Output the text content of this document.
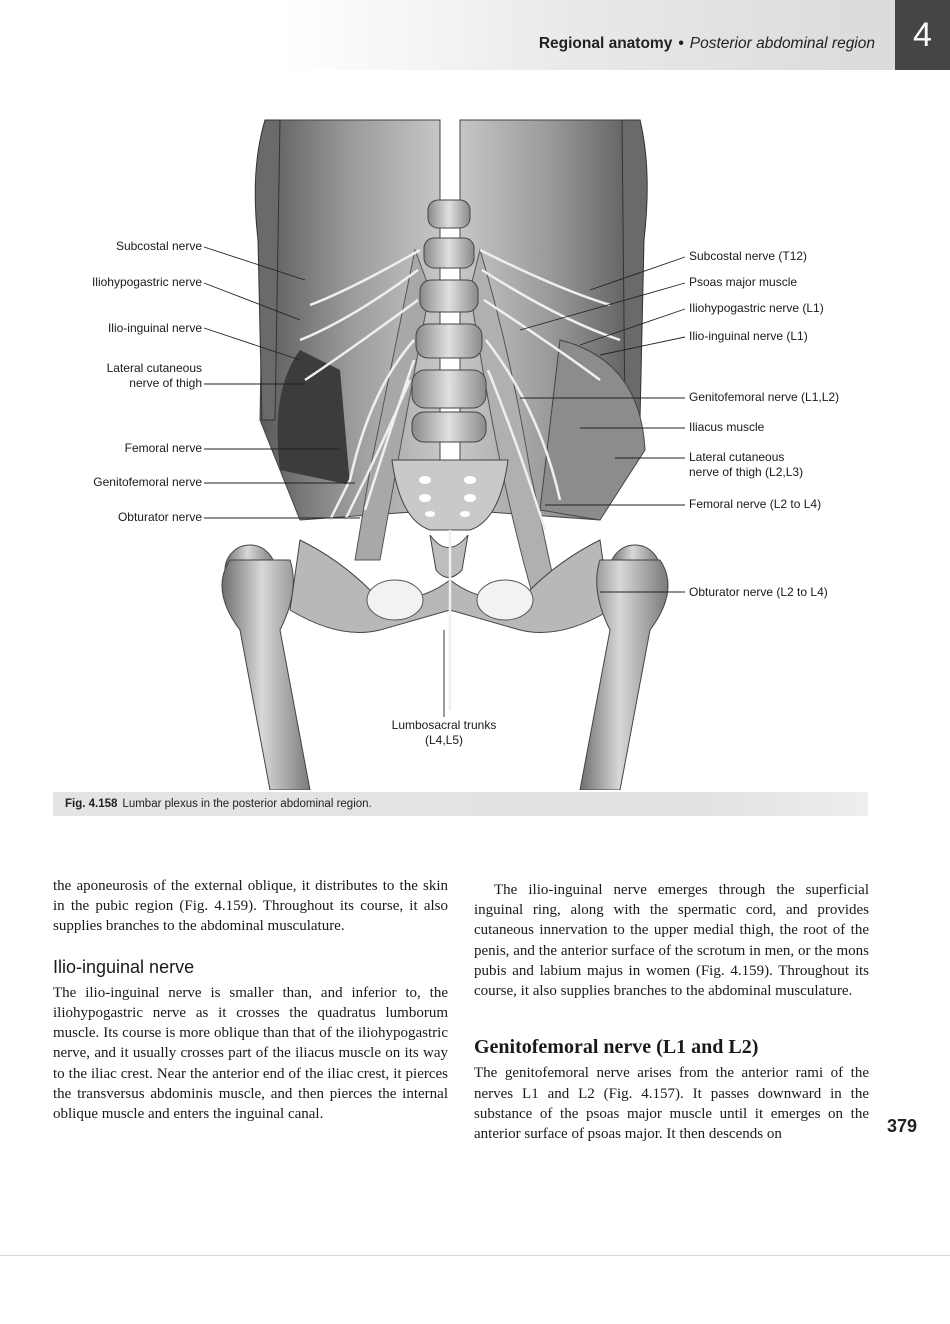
Regional anatomy • Posterior abdominal region	4
Subcostal nerve
Iliohypogastric nerve
Ilio-inguinal nerve
Lateral cutaneous
nerve of thigh
Femoral nerve
Genitofemoral nerve
Obturator nerve
Subcostal nerve (T12)
Psoas major muscle
Iliohypogastric nerve (L1)
Ilio-inguinal nerve (L1)
Genitofemoral nerve (L1,L2)
Iliacus muscle
Lateral cutaneous
nerve of thigh (L2,L3)
Femoral nerve (L2 to L4)
Obturator nerve (L2 to L4)
Lumbosacral trunks
(L4,L5)
Fig. 4.158 Lumbar plexus in the posterior abdominal region.

the aponeurosis of the external oblique, it distributes to the skin in the pubic region (Fig. 4.159). Throughout its course, it also supplies branches to the abdominal musculature.

Ilio-inguinal nerve

The ilio-inguinal nerve is smaller than, and inferior to, the iliohypogastric nerve as it crosses the quadratus lumborum muscle. Its course is more oblique than that of the iliohypogastric nerve, and it usually crosses part of the iliacus muscle on its way to the iliac crest. Near the anterior end of the iliac crest, it pierces the transversus abdominis muscle, and then pierces the internal oblique muscle and enters the inguinal canal.

The ilio-inguinal nerve emerges through the superficial inguinal ring, along with the spermatic cord, and provides cutaneous innervation to the upper medial thigh, the root of the penis, and the anterior surface of the scrotum in men, or the mons pubis and labium majus in women (Fig. 4.159). Throughout its course, it also supplies branches to the abdominal musculature.

Genitofemoral nerve (L1 and L2)

The genitofemoral nerve arises from the anterior rami of the nerves L1 and L2 (Fig. 4.157). It passes downward in the substance of the psoas major muscle until it emerges on the anterior surface of psoas major. It then descends on	379
